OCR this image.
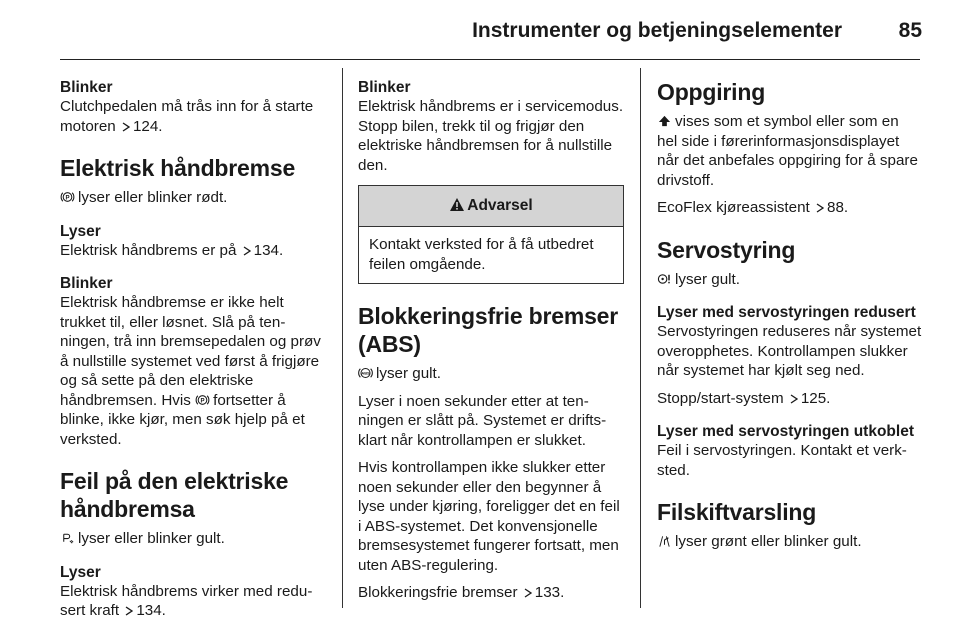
Instrumenter og betjeningselementer	85
Blinker

Clutchpedalen må trås inn for å starte motoren 124.

Elektrisk håndbremse

P lyser eller blinker rødt.

Lyser

Elektrisk håndbrems er på 134.

Blinker

Elektrisk håndbremse er ikke helt trukket til, eller løsnet. Slå på tenningen, trå inn bremsepedalen og prøv å nullstille systemet ved først å frigjøre og så sette på den elektriske håndbremsen. Hvis P fortsetter å blinke, ikke kjør, men søk hjelp på et verksted.

Feil på den elektriske håndbremsa

lyser eller blinker gult.

Lyser

Elektrisk håndbrems virker med redusert kraft 134.

Blinker

Elektrisk håndbrems er i servicemodus. Stopp bilen, trekk til og frigjør den elektriske håndbremsen for å nullstille den.

Advarsel
Kontakt verksted for å få utbedret feilen omgående.
Blokkeringsfrie bremser (ABS)

ABS lyser gult.

Lyser i noen sekunder etter at tenningen er slått på. Systemet er driftsklart når kontrollampen er slukket.

Hvis kontrollampen ikke slukker etter noen sekunder eller den begynner å lyse under kjøring, foreligger det en feil i ABS-systemet. Det konvensjonelle bremsesystemet fungerer fortsatt, men uten ABS-regulering.

Blokkeringsfrie bremser 133.

Oppgiring

vises som et symbol eller som en hel side i førerinformasjonsdisplayet når det anbefales oppgiring for å spare drivstoff.

EcoFlex kjøreassistent 88.

Servostyring

lyser gult.

Lyser med servostyringen redusert

Servostyringen reduseres når systemet overopphetes. Kontrollampen slukker når systemet har kjølt seg ned.

Stopp/start-system 125.

Lyser med servostyringen utkoblet

Feil i servostyringen. Kontakt et verksted.

Filskiftvarsling

lyser grønt eller blinker gult.
